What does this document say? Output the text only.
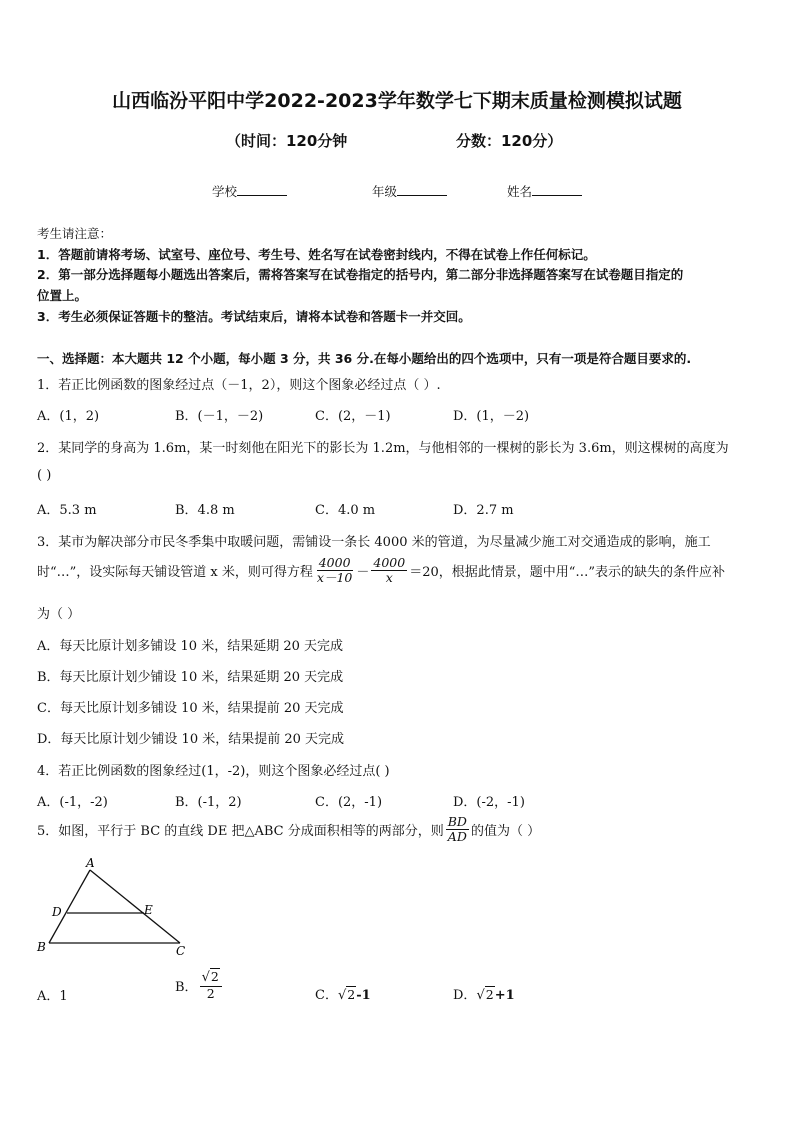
山西临汾平阳中学2022-2023学年数学七下期末质量检测模拟试题
（时间：120分钟	分数：120分）
学校	年级	姓名
考生请注意：
1．答题前请将考场、试室号、座位号、考生号、姓名写在试卷密封线内，不得在试卷上作任何标记。
2．第一部分选择题每小题选出答案后，需将答案写在试卷指定的括号内，第二部分非选择题答案写在试卷题目指定的
位置上。
3．考生必须保证答题卡的整洁。考试结束后，请将本试卷和答题卡一并交回。
一、选择题：本大题共 12 个小题，每小题 3 分，共 36 分.在每小题给出的四个选项中，只有一项是符合题目要求的.
1．若正比例函数的图象经过点（－1，2），则这个图象必经过点（ ）.
A．(1，2)	B．(－1，－2)	C．(2，－1)	D．(1，－2)
2．某同学的身高为 1.6m，某一时刻他在阳光下的影长为 1.2m，与他相邻的一棵树的影长为 3.6m，则这棵树的高度为
( )
A．5.3 m	B．4.8 m	C．4.0 m	D．2.7 m
3．某市为解决部分市民冬季集中取暖问题，需铺设一条长 4000 米的管道，为尽量减少施工对交通造成的影响，施工
时“…”，设实际每天铺设管道 x 米，则可得方程 $\frac{4000}{x-10} - \frac{4000}{x} =20$，根据此情景，题中用“…”表示的缺失的条件应补
为（ ）
A．每天比原计划多铺设 10 米，结果延期 20 天完成
B．每天比原计划少铺设 10 米，结果延期 20 天完成
C．每天比原计划多铺设 10 米，结果提前 20 天完成
D．每天比原计划少铺设 10 米，结果提前 20 天完成
4．若正比例函数的图象经过(1，-2)，则这个图象必经过点( )
A．(-1，-2)	B．(-1，2)	C．(2，-1)	D．(-2，-1)
5．如图，平行于 BC 的直线 DE 把△ABC 分成面积相等的两部分，则 $\frac{BD}{AD}$ 的值为（ ）
A
B	C
D	E
A．1
B． $\frac{√2}{2}$	C．√2-1	D．√2+1
